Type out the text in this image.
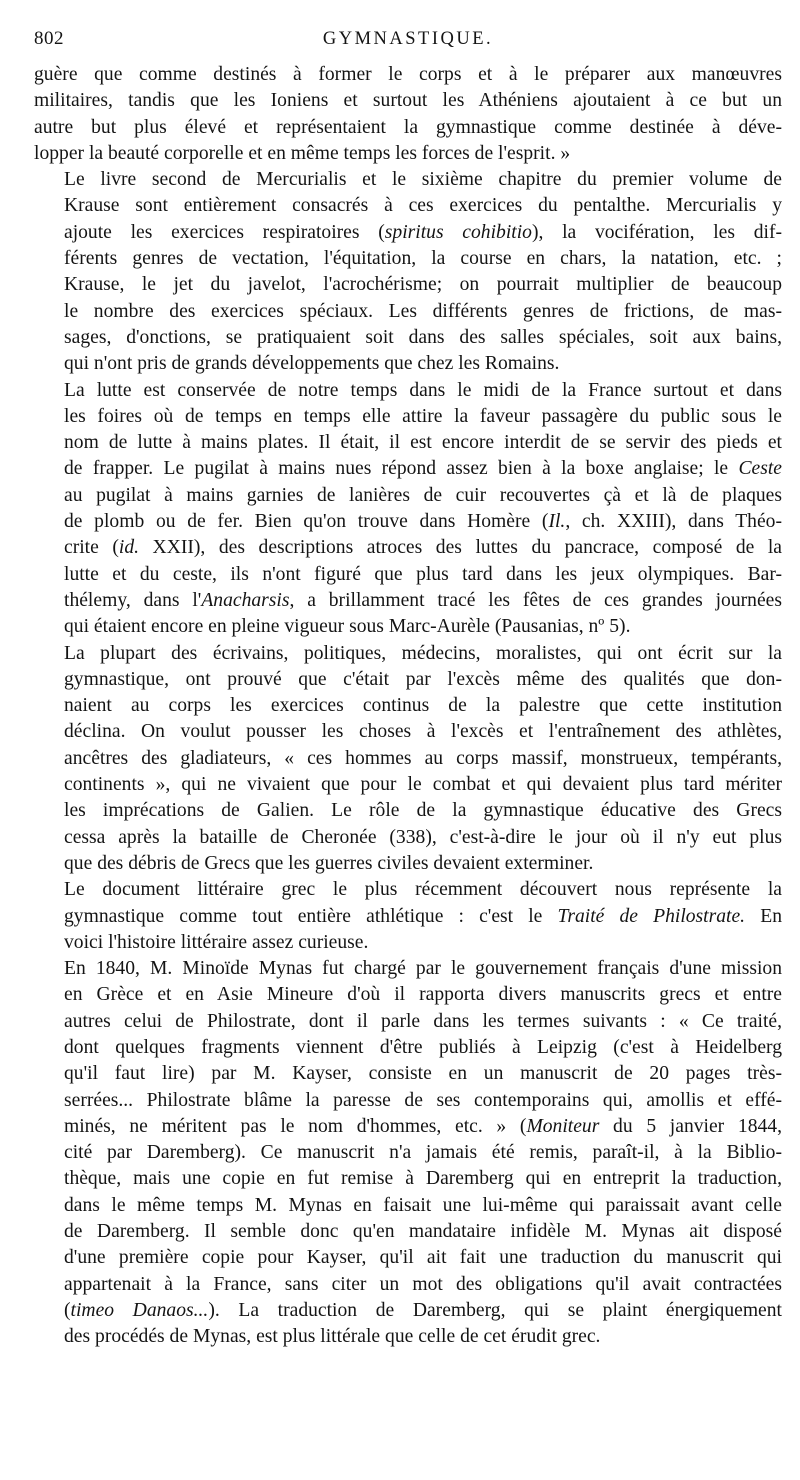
802	GYMNASTIQUE.
guère que comme destinés à former le corps et à le préparer aux manœuvres
militaires, tandis que les Ioniens et surtout les Athéniens ajoutaient à ce but un
autre but plus élevé et représentaient la gymnastique comme destinée à déve-
lopper la beauté corporelle et en même temps les forces de l'esprit. »
Le livre second de Mercurialis et le sixième chapitre du premier volume de
Krause sont entièrement consacrés à ces exercices du pentalthe. Mercurialis y
ajoute les exercices respiratoires (spiritus cohibitio), la vocifération, les dif-
férents genres de vectation, l'équitation, la course en chars, la natation, etc. ;
Krause, le jet du javelot, l'acrochérisme; on pourrait multiplier de beaucoup
le nombre des exercices spéciaux. Les différents genres de frictions, de mas-
sages, d'onctions, se pratiquaient soit dans des salles spéciales, soit aux bains,
qui n'ont pris de grands développements que chez les Romains.
La lutte est conservée de notre temps dans le midi de la France surtout et dans
les foires où de temps en temps elle attire la faveur passagère du public sous le
nom de lutte à mains plates. Il était, il est encore interdit de se servir des pieds et
de frapper. Le pugilat à mains nues répond assez bien à la boxe anglaise; le Ceste
au pugilat à mains garnies de lanières de cuir recouvertes çà et là de plaques
de plomb ou de fer. Bien qu'on trouve dans Homère (Il., ch. XXIII), dans Théo-
crite (id. XXII), des descriptions atroces des luttes du pancrace, composé de la
lutte et du ceste, ils n'ont figuré que plus tard dans les jeux olympiques. Bar-
thélemy, dans l'Anacharsis, a brillamment tracé les fêtes de ces grandes journées
qui étaient encore en pleine vigueur sous Marc-Aurèle (Pausanias, nº 5).
La plupart des écrivains, politiques, médecins, moralistes, qui ont écrit sur la
gymnastique, ont prouvé que c'était par l'excès même des qualités que don-
naient au corps les exercices continus de la palestre que cette institution
déclina. On voulut pousser les choses à l'excès et l'entraînement des athlètes,
ancêtres des gladiateurs, « ces hommes au corps massif, monstrueux, tempérants,
continents », qui ne vivaient que pour le combat et qui devaient plus tard mériter
les imprécations de Galien. Le rôle de la gymnastique éducative des Grecs
cessa après la bataille de Cheronée (338), c'est-à-dire le jour où il n'y eut plus
que des débris de Grecs que les guerres civiles devaient exterminer.
Le document littéraire grec le plus récemment découvert nous représente la
gymnastique comme tout entière athlétique : c'est le Traité de Philostrate. En
voici l'histoire littéraire assez curieuse.
En 1840, M. Minoïde Mynas fut chargé par le gouvernement français d'une mission
en Grèce et en Asie Mineure d'où il rapporta divers manuscrits grecs et entre
autres celui de Philostrate, dont il parle dans les termes suivants : « Ce traité,
dont quelques fragments viennent d'être publiés à Leipzig (c'est à Heidelberg
qu'il faut lire) par M. Kayser, consiste en un manuscrit de 20 pages très-
serrées... Philostrate blâme la paresse de ses contemporains qui, amollis et effé-
minés, ne méritent pas le nom d'hommes, etc. » (Moniteur du 5 janvier 1844,
cité par Daremberg). Ce manuscrit n'a jamais été remis, paraît-il, à la Biblio-
thèque, mais une copie en fut remise à Daremberg qui en entreprit la traduction,
dans le même temps M. Mynas en faisait une lui-même qui paraissait avant celle
de Daremberg. Il semble donc qu'en mandataire infidèle M. Mynas ait disposé
d'une première copie pour Kayser, qu'il ait fait une traduction du manuscrit qui
appartenait à la France, sans citer un mot des obligations qu'il avait contractées
(timeo Danaos...). La traduction de Daremberg, qui se plaint énergiquement
des procédés de Mynas, est plus littérale que celle de cet érudit grec.
